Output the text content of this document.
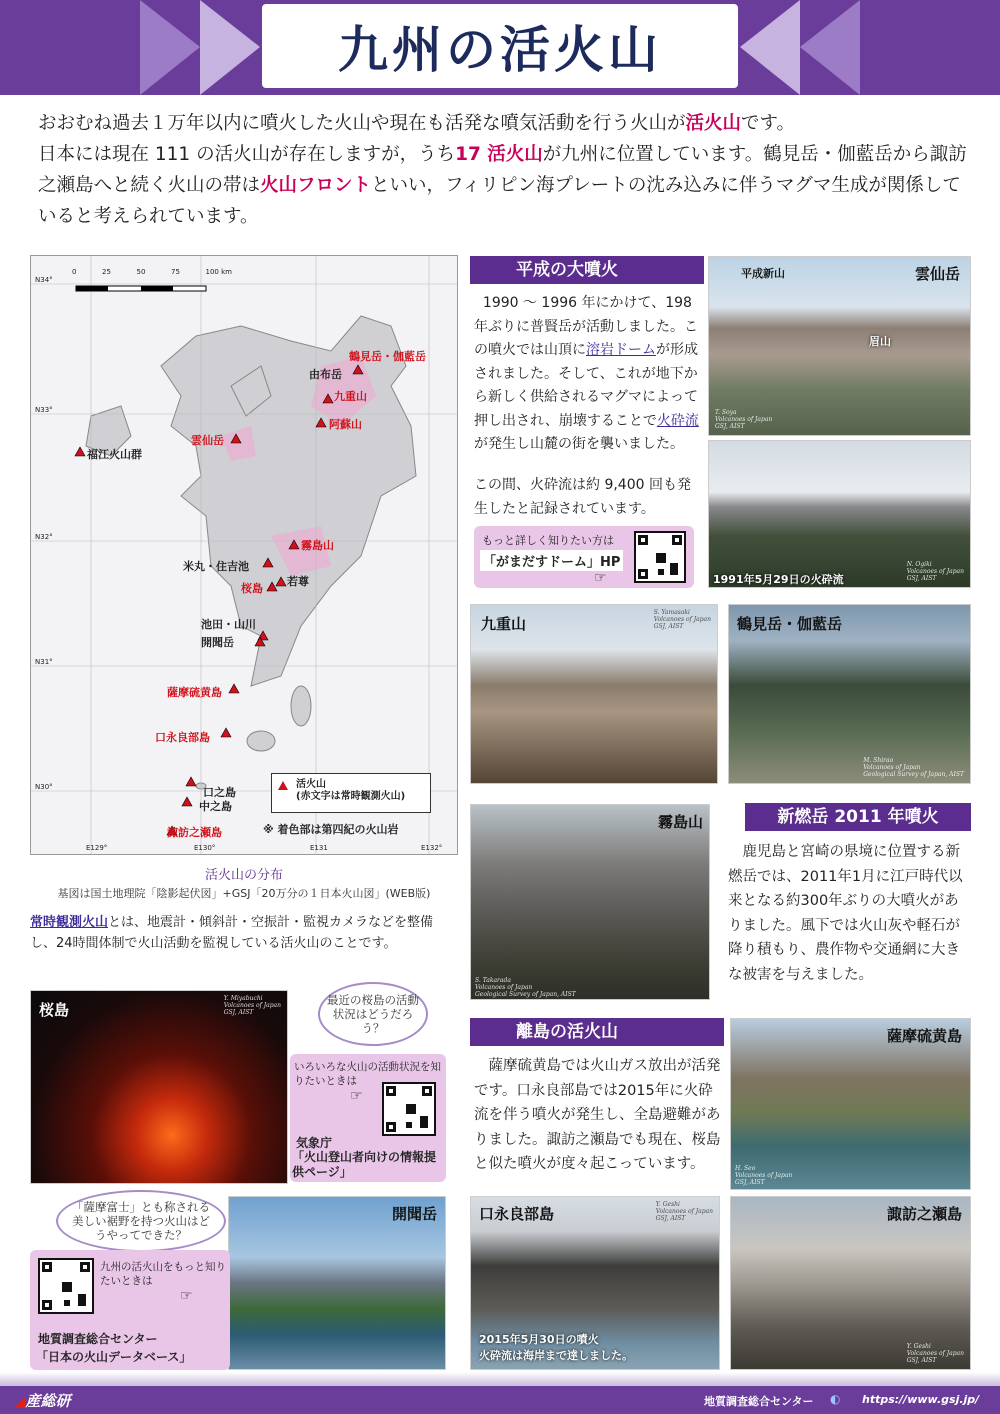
九州の活火山
おおむね過去１万年以内に噴火した火山や現在も活発な噴気活動を行う火山が活火山です。
日本には現在 111 の活火山が存在しますが，うち17 活火山が九州に位置しています。鶴見岳・伽藍岳から諏訪之瀬島へと続く火山の帯は火山フロントといい，フィリピン海プレートの沈み込みに伴うマグマ生成が関係していると考えられています。
0	25	50	75	100 km
N34°
N33°
N32°
N31°
N30°
E129°	E130°	E131	E132°
由布岳
福江火山群
米丸・住吉池
若尊
池田・山川
開聞岳
口之島
中之島
鶴見岳・伽藍岳
九重山
阿蘇山
雲仙岳
霧島山
桜島
薩摩硫黄島
口永良部島
諏訪之瀬島
活火山
(赤文字は常時観測火山)
※ 着色部は第四紀の火山岩
活火山の分布
基図は国土地理院「陰影起伏図」+GSJ「20万分の１日本火山図」(WEB版)
常時観測火山とは、地震計・傾斜計・空振計・監視カメラなどを整備し、24時間体制で火山活動を監視している活火山のことです。
平成の大噴火
1990 〜 1996 年にかけて、198年ぶりに普賢岳が活動しました。この噴火では山頂に溶岩ドームが形成されました。そして、これが地下から新しく供給されるマグマによって押し出され、崩壊することで火砕流が発生し山麓の街を襲いました。
この間、火砕流は約 9,400 回も発生したと記録されています。
もっと詳しく知りたい方は
「がまだすドーム」HP
☞
雲仙岳
平成新山
眉山
T. Soya
Volcanoes of Japan
GSJ, AIST
1991年5月29日の火砕流
N. Ogiki
Volcanoes of Japan
GSJ, AIST
九重山
S. Yamasaki
Volcanoes of Japan
GSJ, AIST	鶴見岳・伽藍岳
M. Shirao
Volcanoes of Japan
Geological Survey of Japan, AIST
霧島山
S. Takarada
Volcanoes of Japan
Geological Survey of Japan, AIST
新燃岳 2011 年噴火
鹿児島と宮崎の県境に位置する新燃岳では、2011年1月に江戸時代以来となる約300年ぶりの大噴火がありました。風下では火山灰や軽石が降り積もり、農作物や交通網に大きな被害を与えました。
離島の活火山
薩摩硫黄島では火山ガス放出が活発です。口永良部島では2015年に火砕流を伴う噴火が発生し、全島避難がありました。諏訪之瀬島でも現在、桜島と似た噴火が度々起こっています。
薩摩硫黄島
H. Seo
Volcanoes of Japan
GSJ, AIST
口永良部島
2015年5月30日の噴火
火砕流は海岸まで達しました。
Y. Geshi
Volcanoes of Japan
GSJ, AIST	諏訪之瀬島
Y. Geshi
Volcanoes of Japan
GSJ, AIST
桜島
Y. Miyabuchi
Volcanoes of Japan
GSJ, AIST
最近の桜島の活動状況はどうだろう？
いろいろな火山の活動状況を知りたいときは
☞
気象庁
「火山登山者向けの情報提供ページ」
開聞岳
「薩摩富士」とも称される美しい裾野を持つ火山はどうやってできた？
九州の活火山をもっと知りたいときは
☞
地質調査総合センター
「日本の火山データベース」
◢産総研	地質調査総合センター ◐ https://www.gsj.jp/
